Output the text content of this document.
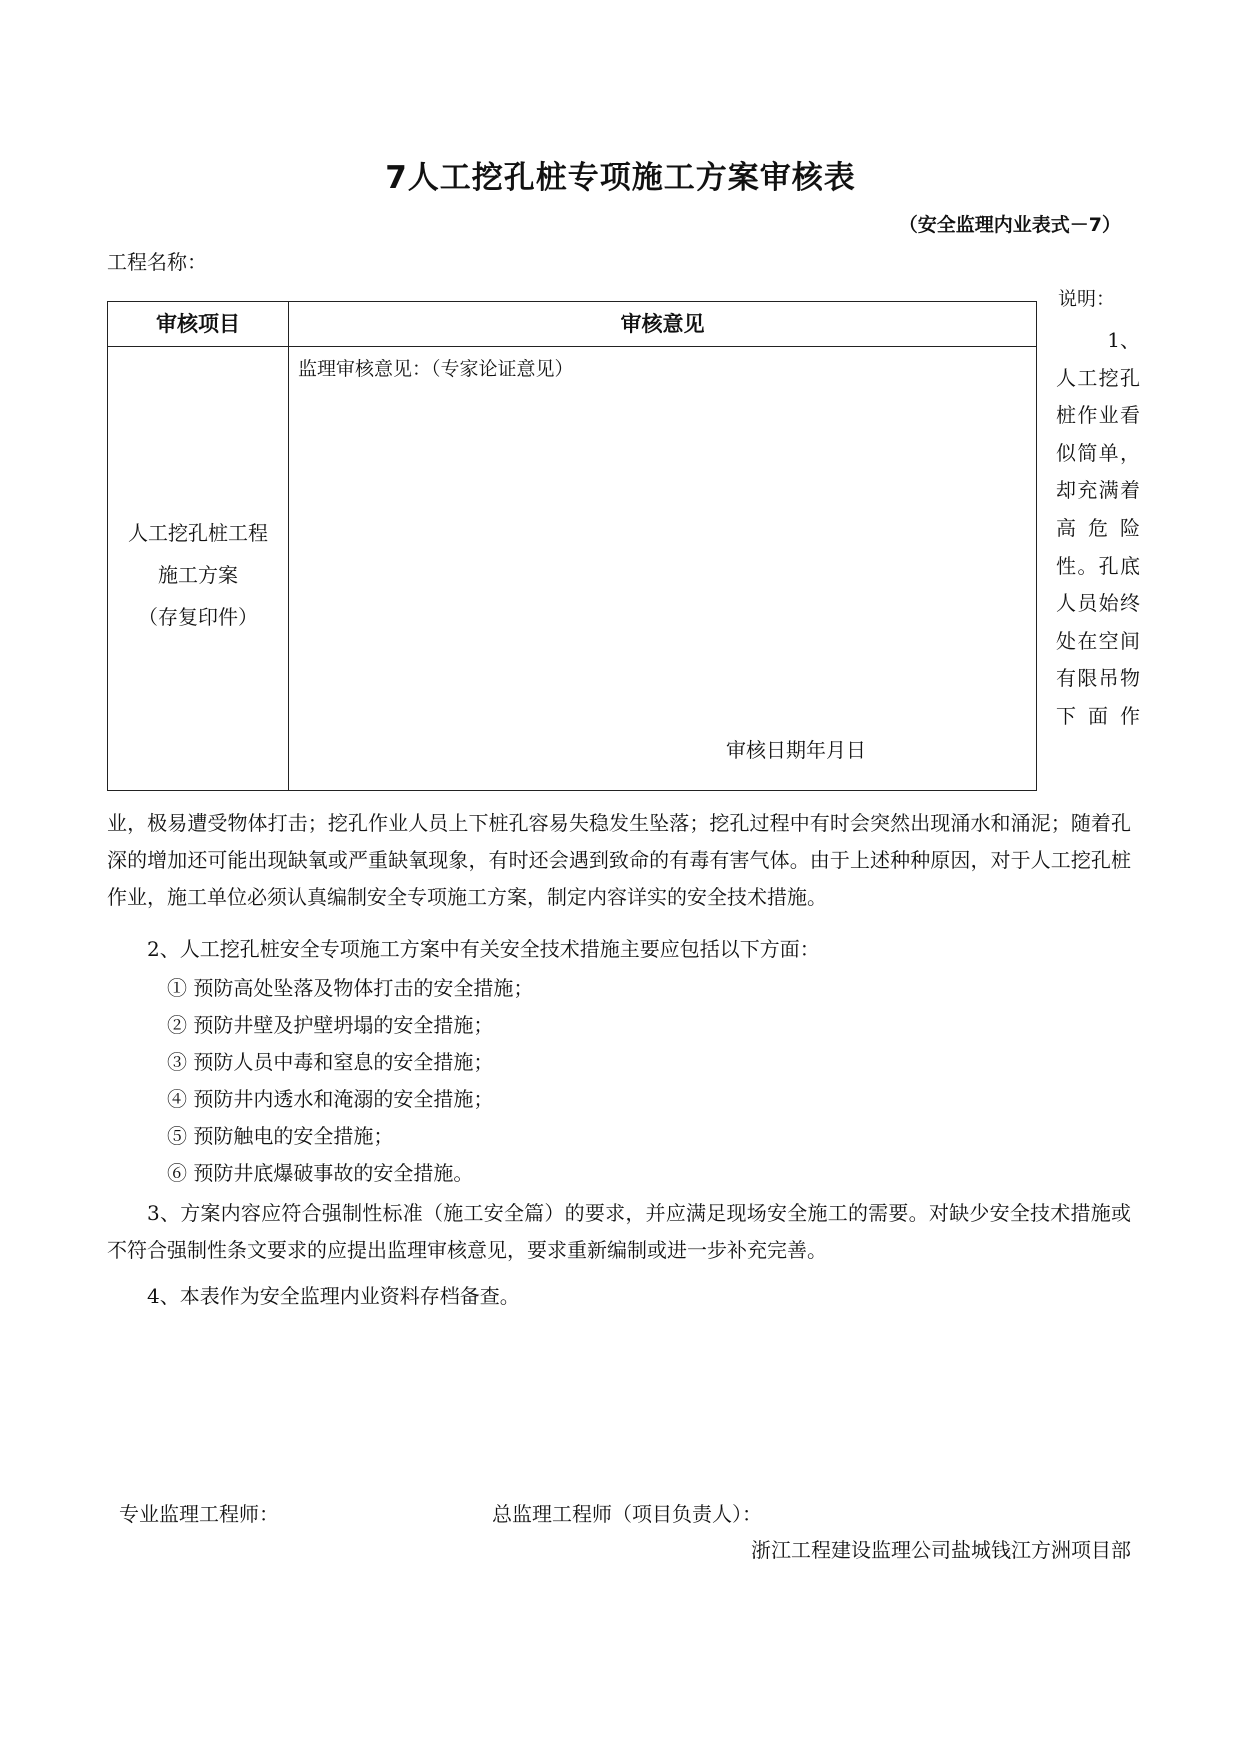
7人工挖孔桩专项施工方案审核表
（安全监理内业表式－7）
工程名称：
审核项目	审核意见
人工挖孔桩工程
施工方案
（存复印件）
监理审核意见：（专家论证意见）
审核日期年月日
说明：
1、
人工挖孔桩作业看似简单，却充满着高危险性。孔底人员始终处在空间有限吊物下面作
业，极易遭受物体打击；挖孔作业人员上下桩孔容易失稳发生坠落；挖孔过程中有时会突然出现涌水和涌泥；随着孔深的增加还可能出现缺氧或严重缺氧现象，有时还会遇到致命的有毒有害气体。由于上述种种原因，对于人工挖孔桩作业，施工单位必须认真编制安全专项施工方案，制定内容详实的安全技术措施。
2、人工挖孔桩安全专项施工方案中有关安全技术措施主要应包括以下方面：
① 预防高处坠落及物体打击的安全措施；
② 预防井壁及护壁坍塌的安全措施；
③ 预防人员中毒和窒息的安全措施；
④ 预防井内透水和淹溺的安全措施；
⑤ 预防触电的安全措施；
⑥ 预防井底爆破事故的安全措施。
3、方案内容应符合强制性标准（施工安全篇）的要求，并应满足现场安全施工的需要。对缺少安全技术措施或不符合强制性条文要求的应提出监理审核意见，要求重新编制或进一步补充完善。
4、本表作为安全监理内业资料存档备查。
专业监理工程师：	总监理工程师（项目负责人）：
浙江工程建设监理公司盐城钱江方洲项目部
